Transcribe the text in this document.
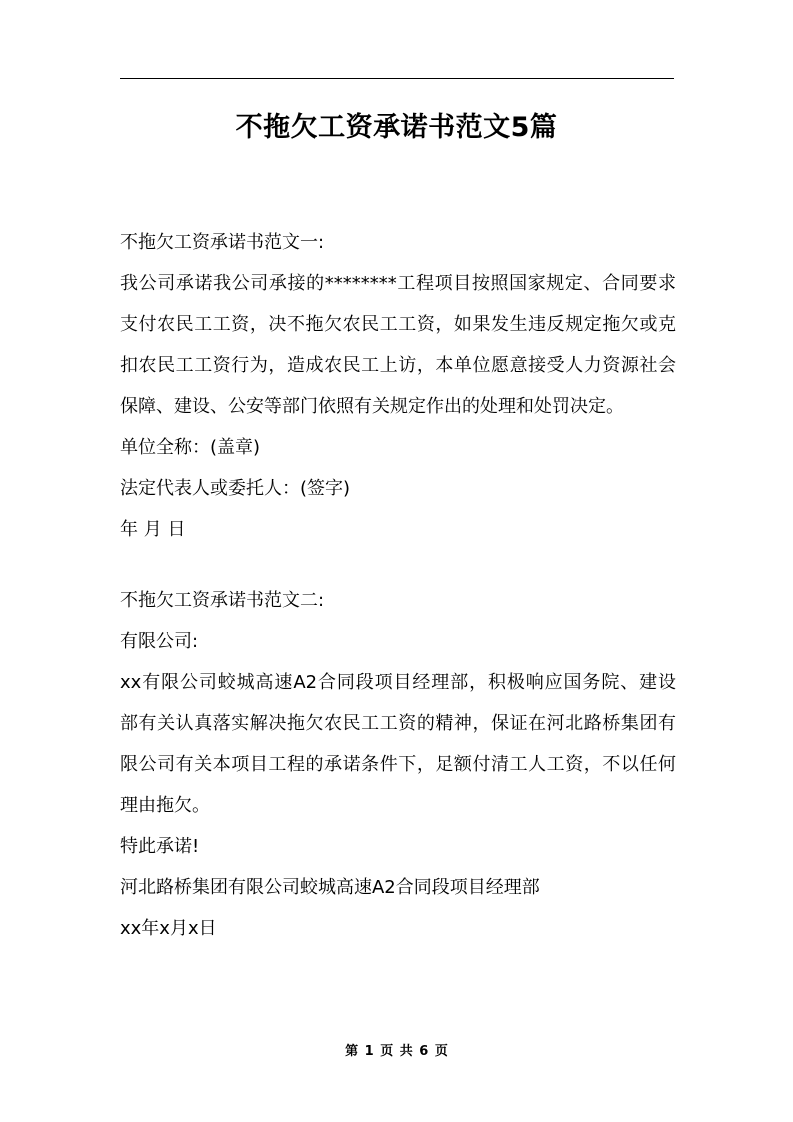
不拖欠工资承诺书范文5篇
不拖欠工资承诺书范文一:
我公司承诺我公司承接的********工程项目按照国家规定、合同要求
支付农民工工资，决不拖欠农民工工资，如果发生违反规定拖欠或克
扣农民工工资行为，造成农民工上访，本单位愿意接受人力资源社会
保障、建设、公安等部门依照有关规定作出的处理和处罚决定。
单位全称：(盖章)
法定代表人或委托人：(签字)
年 月 日
不拖欠工资承诺书范文二:
有限公司:
xx有限公司蛟城高速A2合同段项目经理部，积极响应国务院、建设
部有关认真落实解决拖欠农民工工资的精神，保证在河北路桥集团有
限公司有关本项目工程的承诺条件下，足额付清工人工资，不以任何
理由拖欠。
特此承诺!
河北路桥集团有限公司蛟城高速A2合同段项目经理部
xx年x月x日
第 1 页 共 6 页
